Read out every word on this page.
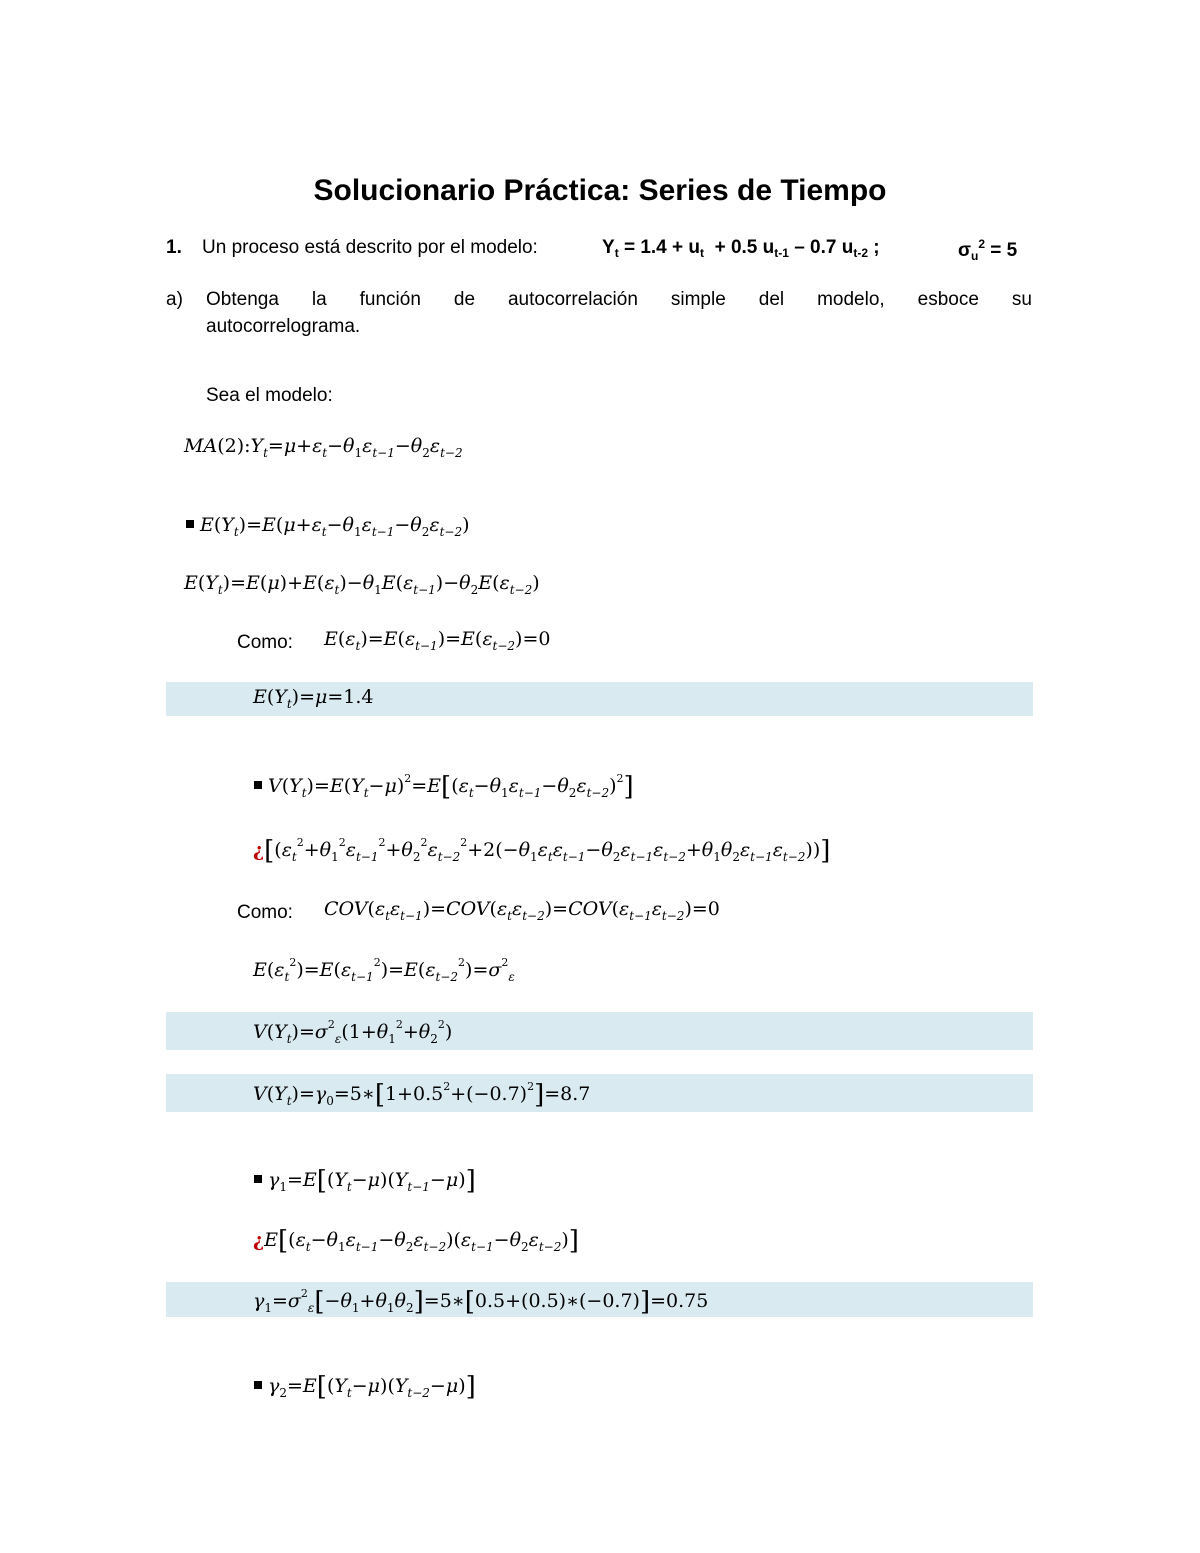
Solucionario Práctica: Series de Tiempo
1. Un proceso está descrito por el modelo:	$Y_t = 1.4 + u_t + 0.5$ $u_{t-1} - 0.7$ $u_{t-2}$ ;	$\sigma_u^2 = 5$
a) Obtenga la función de autocorrelación simple del modelo, esboce su
autocorrelograma.
Sea el modelo:
$MA(2):Y_t=\mu+\varepsilon_t-\theta_1\varepsilon_{t-1}-\theta_2\varepsilon_{t-2}$
$E(Y_t)=E(\mu+\varepsilon_t-\theta_1\varepsilon_{t-1}-\theta_2\varepsilon_{t-2})$
$E(Y_t)=E(\mu)+E(\varepsilon_t)-\theta_1E(\varepsilon_{t-1})-\theta_2E(\varepsilon_{t-2})$
Como: $E(\varepsilon_t)=E(\varepsilon_{t-1})=E(\varepsilon_{t-2})=0$
$E(Y_t)=\mu=1.4$
$V(Y_t)=E(Y_t-\mu)^2=E[(\varepsilon_t-\theta_1\varepsilon_{t-1}-\theta_2\varepsilon_{t-2})^2]$
¿$[(\varepsilon_t^2+\theta_1^2\varepsilon_{t-1}^2+\theta_2^2\varepsilon_{t-2}^2+2(-\theta_1\varepsilon_t\varepsilon_{t-1}-\theta_2\varepsilon_{t-1}\varepsilon_{t-2}+\theta_1\theta_2\varepsilon_{t-1}\varepsilon_{t-2}))]$
Como: $COV(\varepsilon_t\varepsilon_{t-1})=COV(\varepsilon_t\varepsilon_{t-2})=COV(\varepsilon_{t-1}\varepsilon_{t-2})=0$
$E(\varepsilon_t^2)=E(\varepsilon_{t-1}^2)=E(\varepsilon_{t-2}^2)=\sigma^2_\varepsilon$
$V(Y_t)=\sigma^2_\varepsilon(1+\theta_1^2+\theta_2^2)$
$V(Y_t)=\gamma_0=5∗[1+0.5^2+(-0.7)^2]=8.7$
$\gamma_1=E[(Y_t-\mu)(Y_{t-1}-\mu)]$
¿$E[(\varepsilon_t-\theta_1\varepsilon_{t-1}-\theta_2\varepsilon_{t-2})(\varepsilon_{t-1}-\theta_2\varepsilon_{t-2})]$
$\gamma_1=\sigma^2_\varepsilon[-\theta_1+\theta_1\theta_2]=5∗[0.5+(0.5)∗(-0.7)]=0.75$
$\gamma_2=E[(Y_t-\mu)(Y_{t-2}-\mu)]$
